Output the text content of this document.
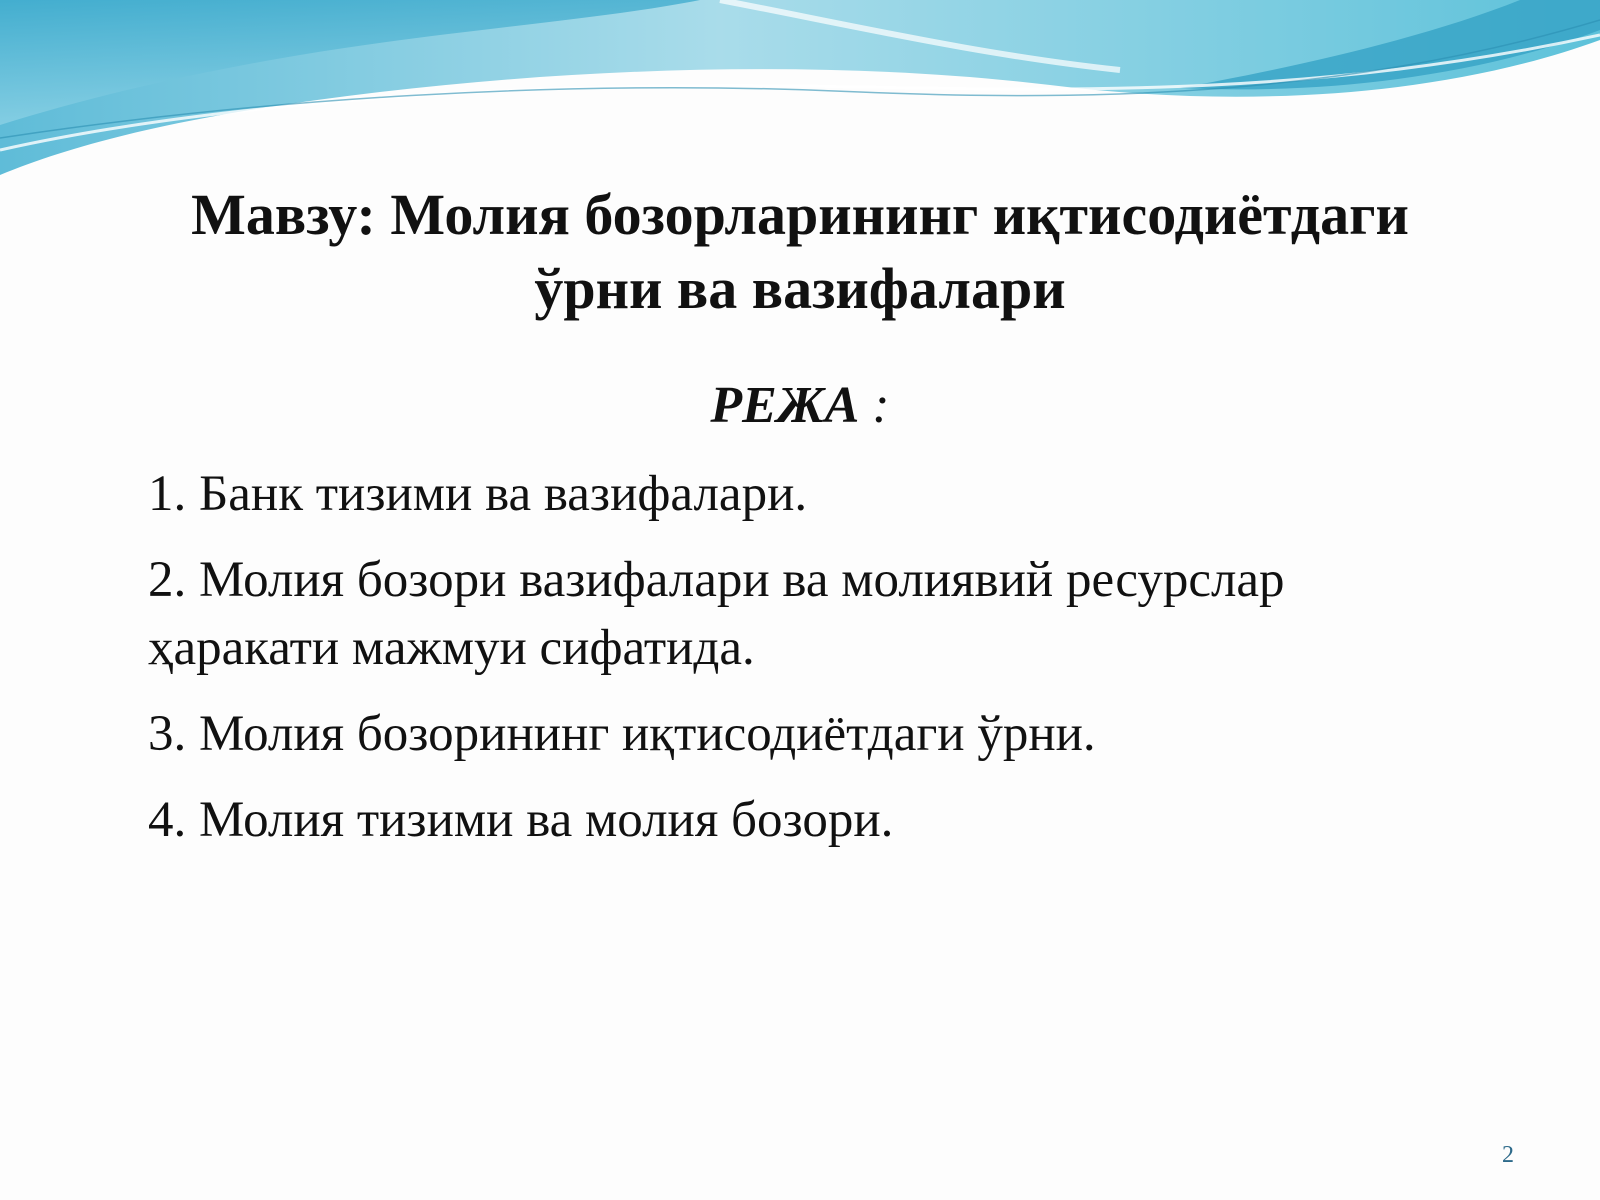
Мавзу: Молия бозорларининг иқтисодиётдаги
ўрни ва вазифалари
РЕЖА :
1. Банк тизими ва вазифалари.
2. Молия бозори вазифалари ва молиявий ресурслар ҳаракати мажмуи сифатида.
3. Молия бозорининг иқтисодиётдаги ўрни.
4. Молия тизими ва молия бозори.
2
